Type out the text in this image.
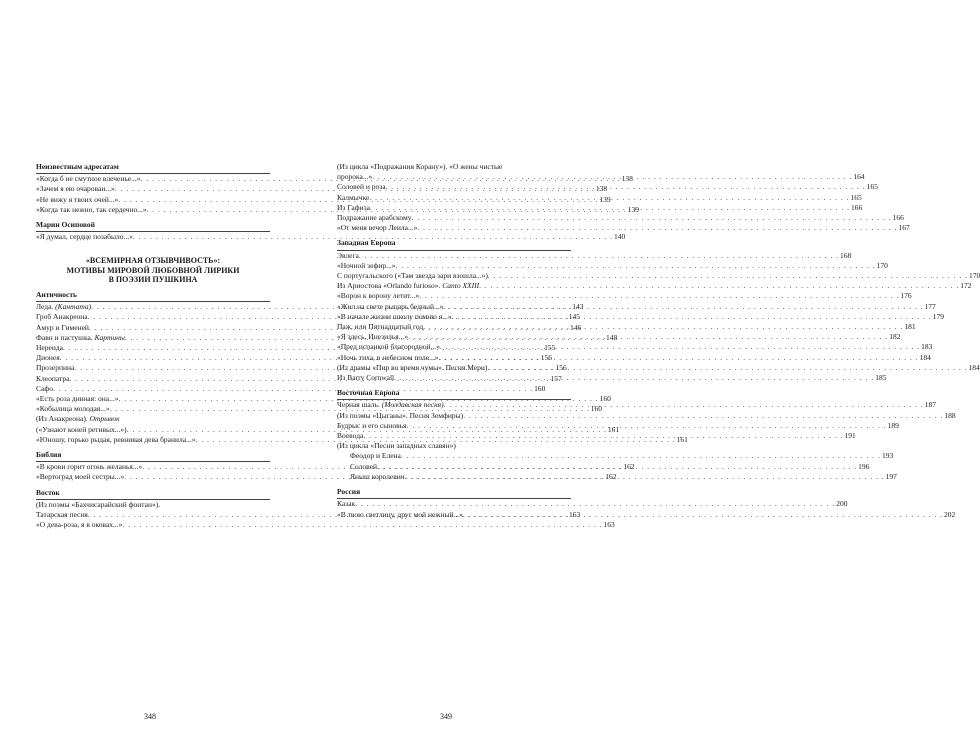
Неизвестным адресатам
«Когда б не смутное влеченье...» . . .	138
«Зачем я ею очарован...» . . .	138
«Не вижу я твоих очей...» . . .	139
«Когда так нежно, так сердечно...» . . .	139
Марин Осиповой
«Я думал, сердце позабыло...» . . .	140
«ВСЕМИРНАЯ ОТЗЫВЧИВОСТЬ»:
МОТИВЫ МИРОВОЙ ЛЮБОВНОЙ ЛИРИКИ
В ПОЭЗИИ ПУШКИНА
Античность
Леда. (Кантата) . . .	143
Гроб Анакреона . . .	145
Амур и Гименей . . .	146
Фавн и пастушка. Картины . . .	148
Нереида . . .	155
Дионея . . .	156
Прозерпина . . .	156
Клеопатра . . .	157
Сафо . . .	160
«Есть роза дивная: она...» . . .	160
«Кобылица молодая...» . . .	160
(Из Анакреона). Отрывок
(«Узнают коней ретивых...») . . .	161
«Юношу, горько рыдая, ревнивая дева бранила...» . . .	161
Библия
«В крови горит огонь желанья...» . . .	162
«Вертоград моей сестры...» . . .	162
Восток
(Из поэмы «Бахчисарайский фонтан»).
Татарская песня . . .	163
«О дева-роза, я в оковах...» . . .	163
348
(Из цикла «Подражания Корану»). «О жены чистые
пророка...» . . .	164
Соловей и роза . . .	165
Калмычке . . .	165
Из Гафиза . . .	166
Подражание арабскому . . .	166
«От меня вечор Леила...» . . .	167
Западная Европа
Эвлега . . .	168
«Ночной зефир...» . . .	170
С португальского («Там звезда зари взошла...») . . .	170
Из Ариостова «Orlando furioso». Canto XXIII . . .	172
«Ворон к ворону летит...» . . .	176
«Жил на свете рыцарь бедный...» . . .	177
«В начале жизни школу помню я...» . . .	179
Паж, или Пятнадцатый год . . .	181
«Я здесь, Инезилья...» . . .	182
«Пред испанкой благородной...» . . .	183
«Ночь тиха, в небесном поле...» . . .	184
(Из драмы «Пир во время чумы». Песня Мери) . . .	184
Из Barry Cornwall . . .	185
Восточная Европа
Черная шаль. (Молдавская песня) . . .	187
(Из поэмы «Цыганы». Песня Земфиры) . . .	188
Будрыс и его сыновья . . .	189
Воевода . . .	191
(Из цикла «Песни западных славян»)
Феодор и Елена . . .	193
Соловей . . .	196
Яныш королевич . . .	197
Россия
Казак . . .	200
«В твою светлицу, друг мой нежный...» . . .	202
349
